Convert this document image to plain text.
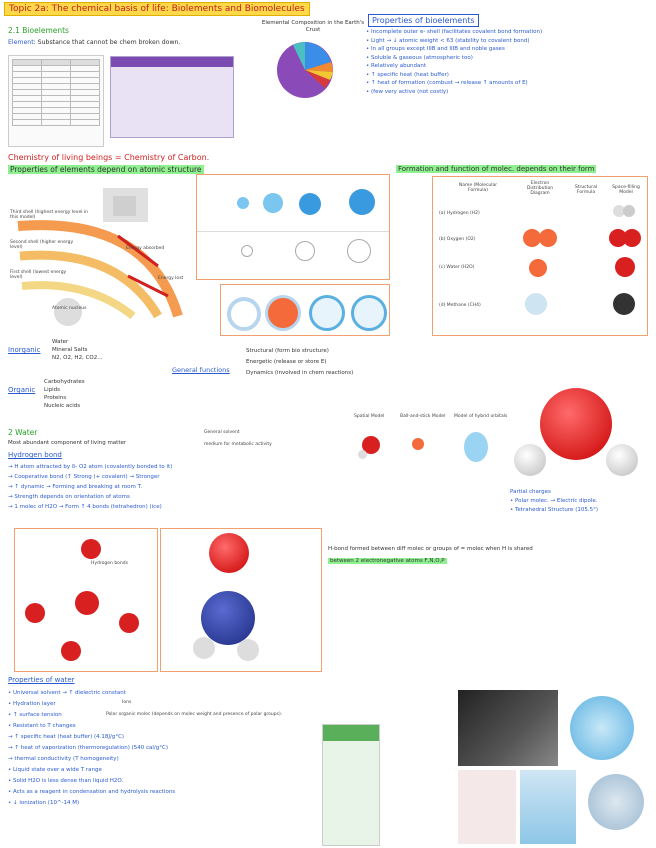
Topic 2a: The chemical basis of life: Biolements and Biomolecules
2.1 Bioelements
Element: Substance that cannot be chem broken down.

Elemental Composition in the Earth's Crust
Properties of bioelements
• Incomplete outer e- shell (facilitates covalent bond formation)
• Light → ↓ atomic weight < 63 (stability to covalent bond)
• In all groups except IIIB and IIIB and noble gases
• Soluble & gaseous (atmospheric too)
• Relatively abundant
• ↑ specific heat (heat buffer)
• ↑ heat of formation (combust → release ↑ amounts of E)
• (few very active (not costly)
Chemistry of living beings = Chemistry of Carbon.
Properties of elements depend on atomic structure	Formation and function of molec. depends on their form
Third shell (highest energy level in this model)
Second shell (higher energy level)
First shell (lowest energy level)
Energy absorbed
Energy lost
Atomic nucleus
Name (Molecular Formula)
Electron Distribution Diagram
Structural Formula
Space-filling Model
(a) Hydrogen (H2)
(b) Oxygen (O2)
(c) Water (H2O)
(d) Methane (CH4)
Inorganic
Water
Mineral Salts
N2, O2, H2, CO2...
Organic
Carbohydrates
Lipids
Proteins
Nucleic acids
General functions
Structural (form bio structure)
Energetic (release or store E)
Dynamics (involved in chem reactions)
2 Water
Most abundant component of living matter
General solvent
medium for metabolic activity
Hydrogen bond
→ H atom attracted by δ- O2 atom (covalently bonded to it)
→ Cooperative bond (↑ Strong (+ covalent) → Stronger
→ ↑ dynamic → Forming and breaking at room T.
→ Strength depends on orientation of atoms
→ 1 molec of H2O → Form ↑ 4 bonds (tetrahedron) (ice)
Spatial Model	Ball-and-stick Model Model of hybrid orbitals
Partial charges
• Polar molec. → Electric dipole.
• Tetrahedral Structure (105.5°)
Hydrogen bonds
H-bond formed between diff molec or groups of = molec when H is shared
between 2 electronegative atoms F,N,O,P
Properties of water
• Universal solvent → ↑ dielectric constant
• Hydration layer
• ↑ surface tension
• Resistant to T changes
→ ↑ specific heat (heat buffer) (4.18J/g°C)
→ ↑ heat of vaporization (thermoregulation) (540 cal/g°C)
→ thermal conductivity (T homogeneity)
• Liquid state over a wide T range
• Solid H2O is less dense than liquid H2O.
• Acts as a reagent in condensation and hydrolysis reactions
• ↓ ionization (10^-14 M)
Ions
Polar organic molec (depends on molec weight and presence of polar groups).
